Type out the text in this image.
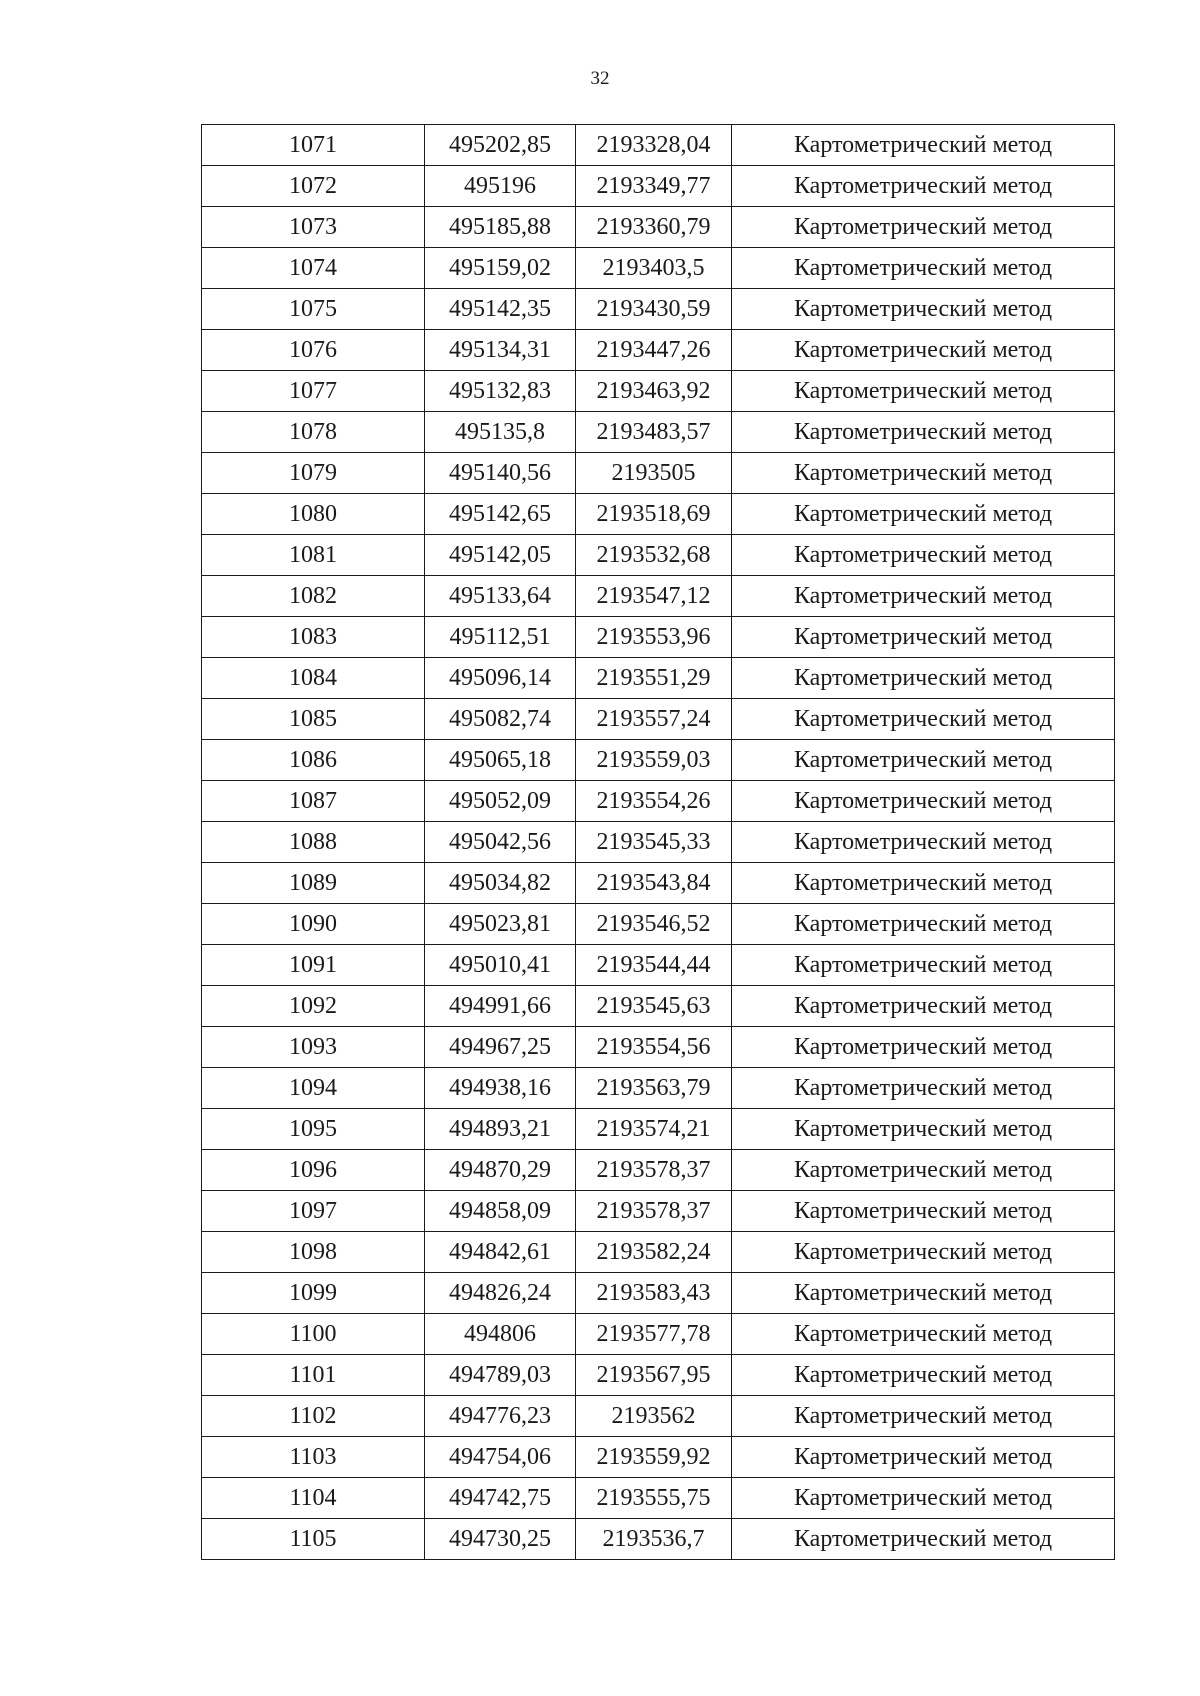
32
1071	495202,85	2193328,04	Картометрический метод
1072	495196	2193349,77	Картометрический метод
1073	495185,88	2193360,79	Картометрический метод
1074	495159,02	2193403,5	Картометрический метод
1075	495142,35	2193430,59	Картометрический метод
1076	495134,31	2193447,26	Картометрический метод
1077	495132,83	2193463,92	Картометрический метод
1078	495135,8	2193483,57	Картометрический метод
1079	495140,56	2193505	Картометрический метод
1080	495142,65	2193518,69	Картометрический метод
1081	495142,05	2193532,68	Картометрический метод
1082	495133,64	2193547,12	Картометрический метод
1083	495112,51	2193553,96	Картометрический метод
1084	495096,14	2193551,29	Картометрический метод
1085	495082,74	2193557,24	Картометрический метод
1086	495065,18	2193559,03	Картометрический метод
1087	495052,09	2193554,26	Картометрический метод
1088	495042,56	2193545,33	Картометрический метод
1089	495034,82	2193543,84	Картометрический метод
1090	495023,81	2193546,52	Картометрический метод
1091	495010,41	2193544,44	Картометрический метод
1092	494991,66	2193545,63	Картометрический метод
1093	494967,25	2193554,56	Картометрический метод
1094	494938,16	2193563,79	Картометрический метод
1095	494893,21	2193574,21	Картометрический метод
1096	494870,29	2193578,37	Картометрический метод
1097	494858,09	2193578,37	Картометрический метод
1098	494842,61	2193582,24	Картометрический метод
1099	494826,24	2193583,43	Картометрический метод
1100	494806	2193577,78	Картометрический метод
1101	494789,03	2193567,95	Картометрический метод
1102	494776,23	2193562	Картометрический метод
1103	494754,06	2193559,92	Картометрический метод
1104	494742,75	2193555,75	Картометрический метод
1105	494730,25	2193536,7	Картометрический метод
